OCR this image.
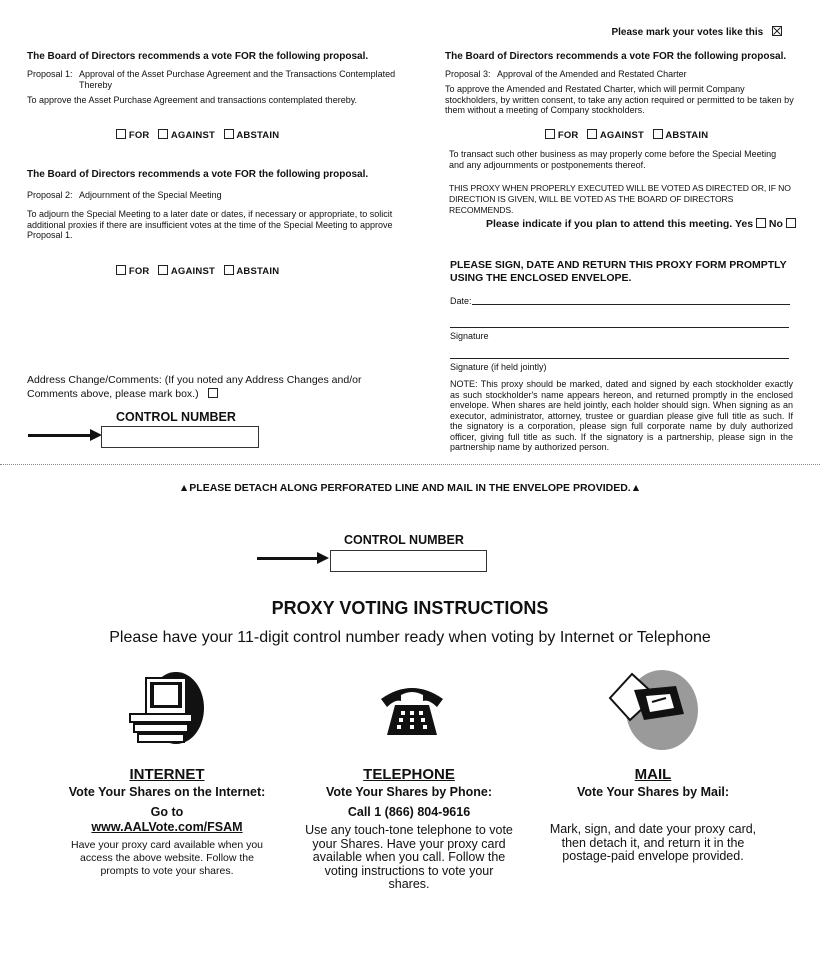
Please mark your votes like this
The Board of Directors recommends a vote FOR the following proposal.
Proposal 1: Approval of the Asset Purchase Agreement and the Transactions Contemplated Thereby
To approve the Asset Purchase Agreement and transactions contemplated thereby.
FOR AGAINST ABSTAIN
The Board of Directors recommends a vote FOR the following proposal.
Proposal 2: Adjournment of the Special Meeting
To adjourn the Special Meeting to a later date or dates, if necessary or appropriate, to solicit additional proxies if there are insufficient votes at the time of the Special Meeting to approve Proposal 1.
FOR AGAINST ABSTAIN
Address Change/Comments: (If you noted any Address Changes and/or Comments above, please mark box.)
CONTROL NUMBER
The Board of Directors recommends a vote FOR the following proposal.
Proposal 3: Approval of the Amended and Restated Charter
To approve the Amended and Restated Charter, which will permit Company stockholders, by written consent, to take any action required or permitted to be taken by them without a meeting of Company stockholders.
FOR AGAINST ABSTAIN
To transact such other business as may properly come before the Special Meeting and any adjournments or postponements thereof.
THIS PROXY WHEN PROPERLY EXECUTED WILL BE VOTED AS DIRECTED OR, IF NO DIRECTION IS GIVEN, WILL BE VOTED AS THE BOARD OF DIRECTORS RECOMMENDS.
Please indicate if you plan to attend this meeting. Yes No
PLEASE SIGN, DATE AND RETURN THIS PROXY FORM PROMPTLY USING THE ENCLOSED ENVELOPE.
Date:
Signature
Signature (if held jointly)
NOTE: This proxy should be marked, dated and signed by each stockholder exactly as such stockholder's name appears hereon, and returned promptly in the enclosed envelope. When shares are held jointly, each holder should sign. When signing as an executor, administrator, attorney, trustee or guardian please give full title as such. If the signatory is a corporation, please sign full corporate name by duly authorized officer, giving full title as such. If the signatory is a partnership, please sign in the partnership name by authorized person.
▲PLEASE DETACH ALONG PERFORATED LINE AND MAIL IN THE ENVELOPE PROVIDED.▲
CONTROL NUMBER
PROXY VOTING INSTRUCTIONS
Please have your 11-digit control number ready when voting by Internet or Telephone
INTERNET
Vote Your Shares on the Internet:
Go to
www.AALVote.com/FSAM
Have your proxy card available when you access the above website. Follow the prompts to vote your shares.
TELEPHONE
Vote Your Shares by Phone:
Call 1 (866) 804-9616
Use any touch-tone telephone to vote your Shares. Have your proxy card available when you call. Follow the voting instructions to vote your shares.
MAIL
Vote Your Shares by Mail:
Mark, sign, and date your proxy card, then detach it, and return it in the postage-paid envelope provided.
